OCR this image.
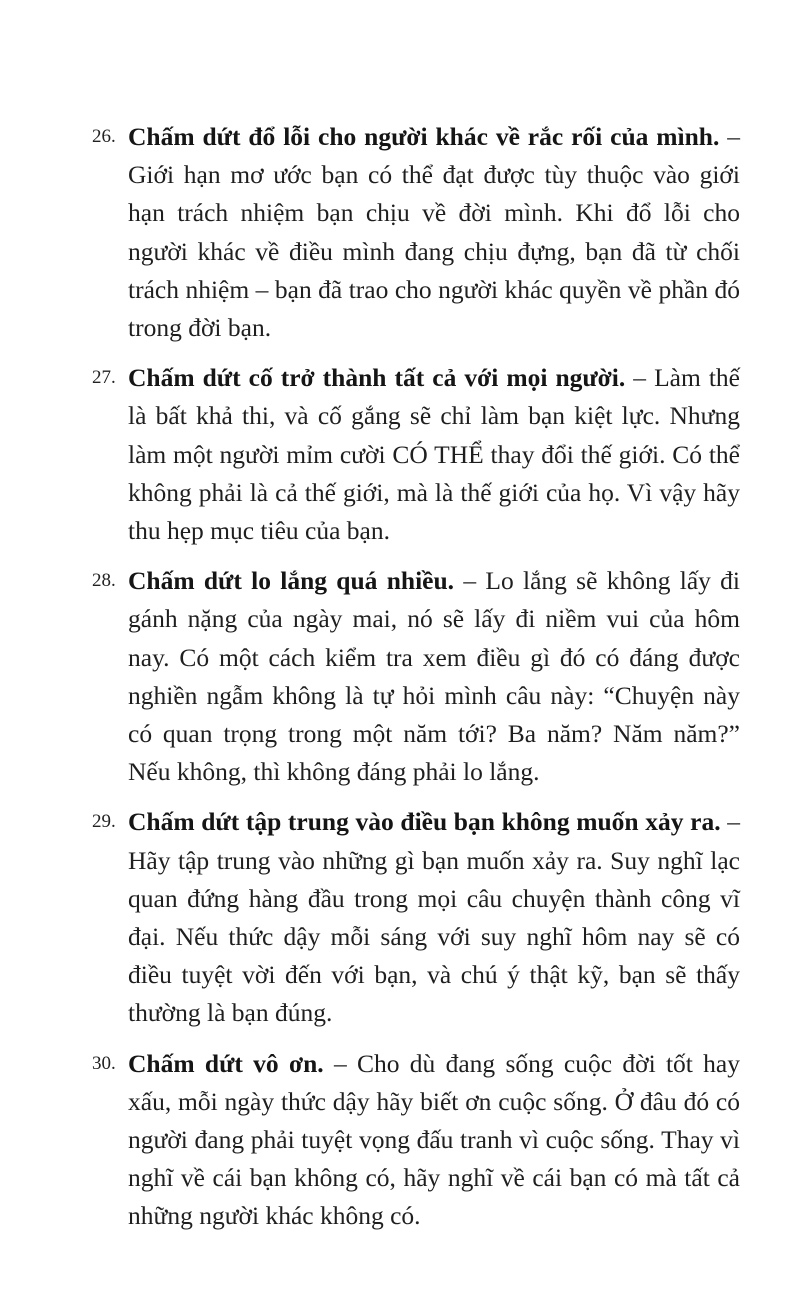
26. Chấm dứt đổ lỗi cho người khác về rắc rối của mình. – Giới hạn mơ ước bạn có thể đạt được tùy thuộc vào giới hạn trách nhiệm bạn chịu về đời mình. Khi đổ lỗi cho người khác về điều mình đang chịu đựng, bạn đã từ chối trách nhiệm – bạn đã trao cho người khác quyền về phần đó trong đời bạn.
27. Chấm dứt cố trở thành tất cả với mọi người. – Làm thế là bất khả thi, và cố gắng sẽ chỉ làm bạn kiệt lực. Nhưng làm một người mỉm cười CÓ THỂ thay đổi thế giới. Có thể không phải là cả thế giới, mà là thế giới của họ. Vì vậy hãy thu hẹp mục tiêu của bạn.
28. Chấm dứt lo lắng quá nhiều. – Lo lắng sẽ không lấy đi gánh nặng của ngày mai, nó sẽ lấy đi niềm vui của hôm nay. Có một cách kiểm tra xem điều gì đó có đáng được nghiền ngẫm không là tự hỏi mình câu này: “Chuyện này có quan trọng trong một năm tới? Ba năm? Năm năm?” Nếu không, thì không đáng phải lo lắng.
29. Chấm dứt tập trung vào điều bạn không muốn xảy ra. – Hãy tập trung vào những gì bạn muốn xảy ra. Suy nghĩ lạc quan đứng hàng đầu trong mọi câu chuyện thành công vĩ đại. Nếu thức dậy mỗi sáng với suy nghĩ hôm nay sẽ có điều tuyệt vời đến với bạn, và chú ý thật kỹ, bạn sẽ thấy thường là bạn đúng.
30. Chấm dứt vô ơn. – Cho dù đang sống cuộc đời tốt hay xấu, mỗi ngày thức dậy hãy biết ơn cuộc sống. Ở đâu đó có người đang phải tuyệt vọng đấu tranh vì cuộc sống. Thay vì nghĩ về cái bạn không có, hãy nghĩ về cái bạn có mà tất cả những người khác không có.
